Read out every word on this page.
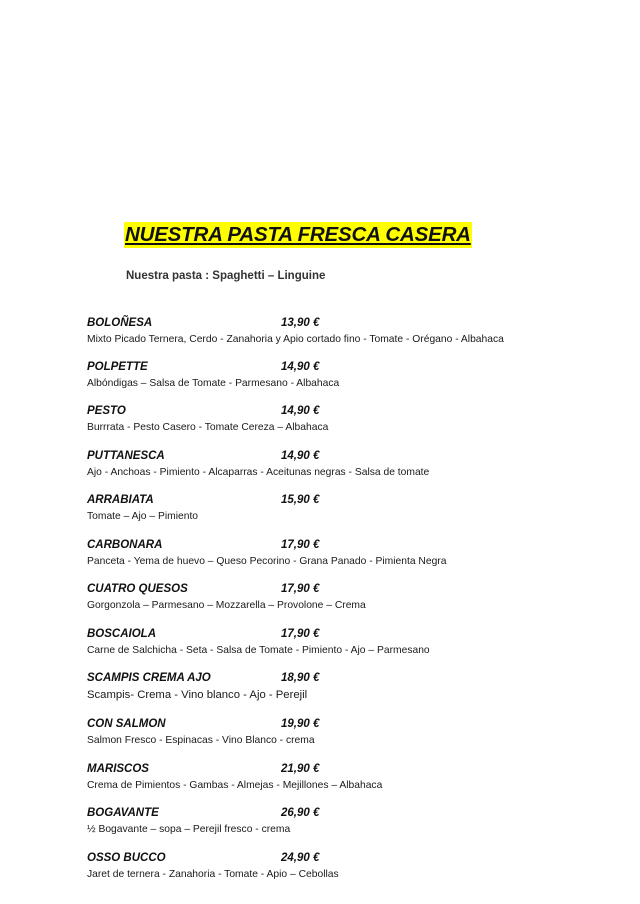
NUESTRA PASTA FRESCA CASERA

Nuestra pasta : Spaghetti – Linguine

BOLOÑESA	13,90 €
Mixto Picado Ternera, Cerdo - Zanahoria y Apio cortado fino - Tomate - Orégano - Albahaca
POLPETTE	14,90 €
Albóndigas – Salsa de Tomate - Parmesano - Albahaca
PESTO	14,90 €
Burrrata - Pesto Casero - Tomate Cereza – Albahaca
PUTTANESCA	14,90 €
Ajo - Anchoas - Pimiento - Alcaparras - Aceitunas negras - Salsa de tomate
ARRABIATA	15,90 €
Tomate – Ajo – Pimiento
CARBONARA	17,90 €
Panceta - Yema de huevo – Queso Pecorino - Grana Panado - Pimienta Negra
CUATRO QUESOS	17,90 €
Gorgonzola – Parmesano – Mozzarella – Provolone – Crema
BOSCAIOLA	17,90 €
Carne de Salchicha - Seta - Salsa de Tomate - Pimiento - Ajo – Parmesano
SCAMPIS CREMA AJO	18,90 €
Scampis- Crema - Vino blanco - Ajo - Perejil
CON SALMON	19,90 €
Salmon Fresco - Espinacas - Vino Blanco - crema
MARISCOS	21,90 €
Crema de Pimientos - Gambas - Almejas - Mejillones – Albahaca
BOGAVANTE	26,90 €
½ Bogavante – sopa – Perejil fresco - crema
OSSO BUCCO	24,90 €
Jaret de ternera - Zanahoria - Tomate - Apio – Cebollas
